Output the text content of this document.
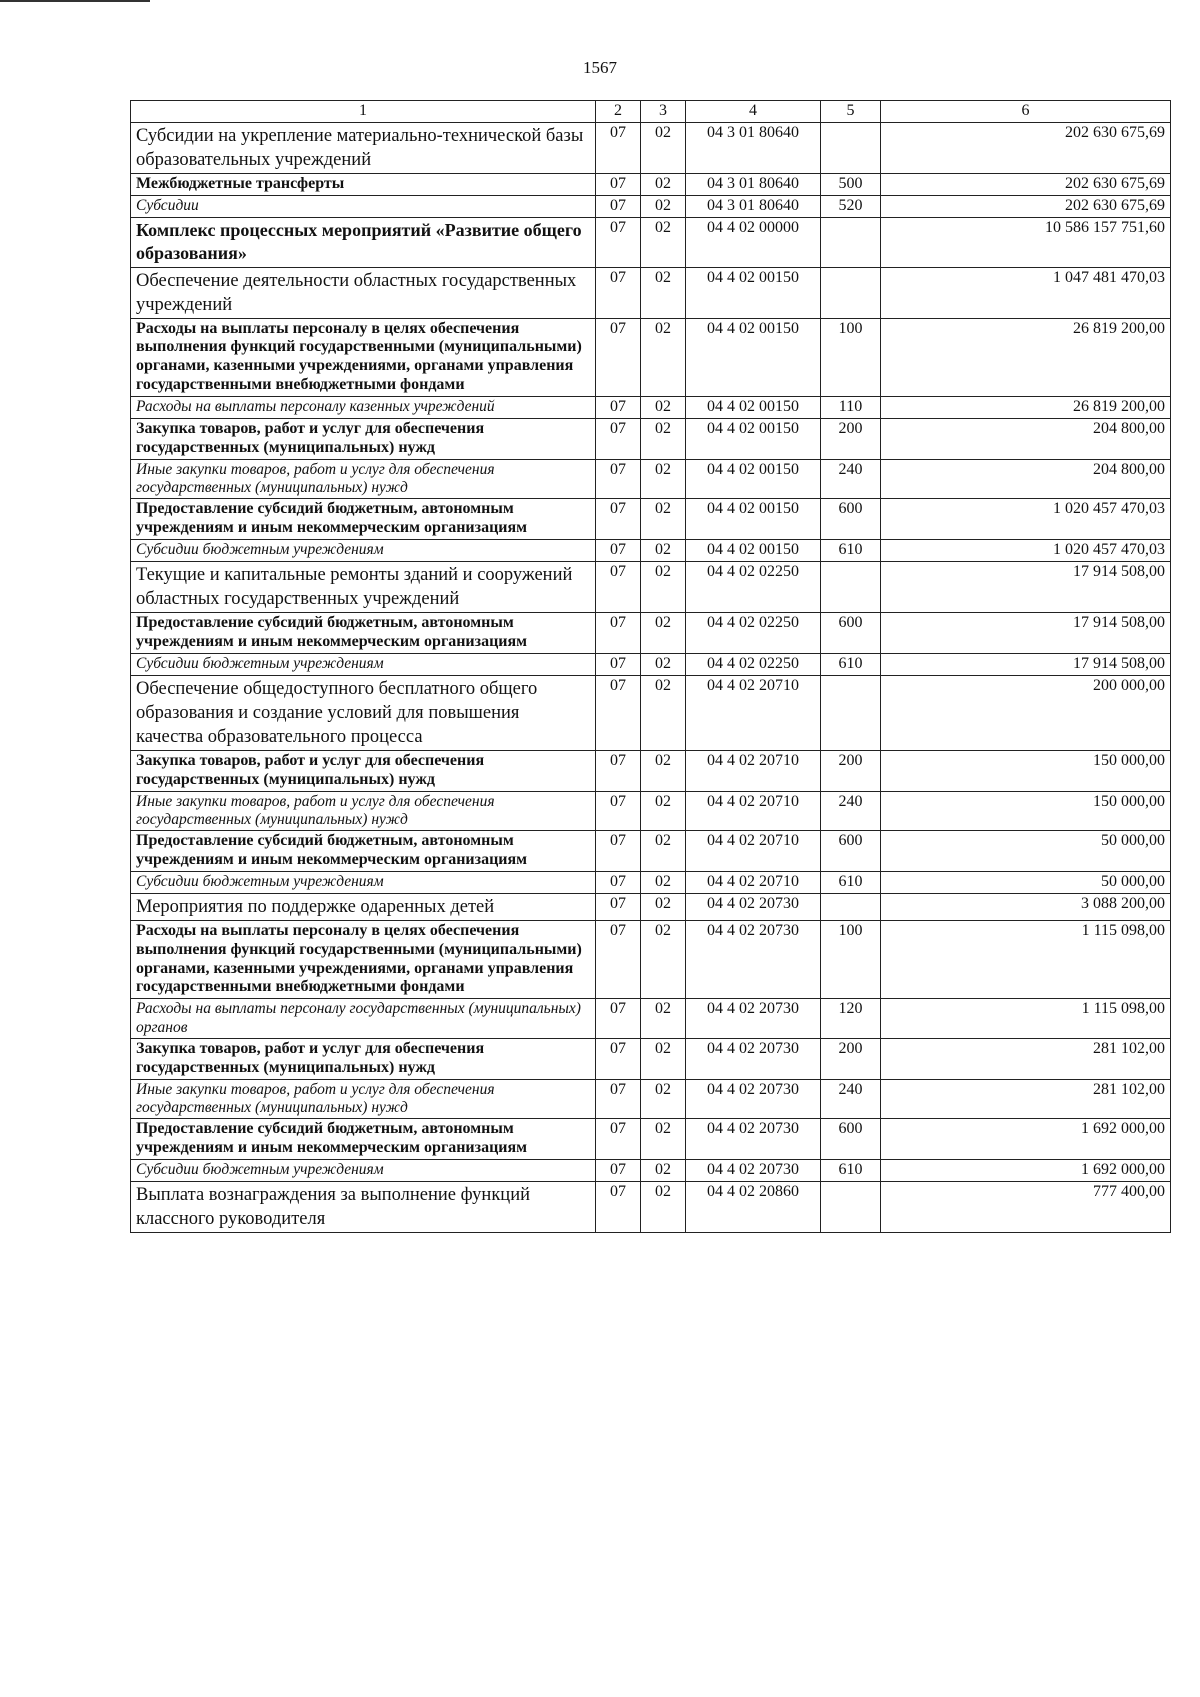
1567
1	2	3	4	5	6
Субсидии на укрепление материально-технической базы образовательных учреждений	07	02	04 3 01 80640		202 630 675,69
Межбюджетные трансферты	07	02	04 3 01 80640	500	202 630 675,69
Субсидии	07	02	04 3 01 80640	520	202 630 675,69
Комплекс процессных мероприятий «Развитие общего образования»	07	02	04 4 02 00000		10 586 157 751,60
Обеспечение деятельности областных государственных учреждений	07	02	04 4 02 00150		1 047 481 470,03
Расходы на выплаты персоналу в целях обеспечения выполнения функций государственными (муниципальными) органами, казенными учреждениями, органами управления государственными внебюджетными фондами	07	02	04 4 02 00150	100	26 819 200,00
Расходы на выплаты персоналу казенных учреждений	07	02	04 4 02 00150	110	26 819 200,00
Закупка товаров, работ и услуг для обеспечения государственных (муниципальных) нужд	07	02	04 4 02 00150	200	204 800,00
Иные закупки товаров, работ и услуг для обеспечения государственных (муниципальных) нужд	07	02	04 4 02 00150	240	204 800,00
Предоставление субсидий бюджетным, автономным учреждениям и иным некоммерческим организациям	07	02	04 4 02 00150	600	1 020 457 470,03
Субсидии бюджетным учреждениям	07	02	04 4 02 00150	610	1 020 457 470,03
Текущие и капитальные ремонты зданий и сооружений областных государственных учреждений	07	02	04 4 02 02250		17 914 508,00
Предоставление субсидий бюджетным, автономным учреждениям и иным некоммерческим организациям	07	02	04 4 02 02250	600	17 914 508,00
Субсидии бюджетным учреждениям	07	02	04 4 02 02250	610	17 914 508,00
Обеспечение общедоступного бесплатного общего образования и создание условий для повышения качества образовательного процесса	07	02	04 4 02 20710		200 000,00
Закупка товаров, работ и услуг для обеспечения государственных (муниципальных) нужд	07	02	04 4 02 20710	200	150 000,00
Иные закупки товаров, работ и услуг для обеспечения государственных (муниципальных) нужд	07	02	04 4 02 20710	240	150 000,00
Предоставление субсидий бюджетным, автономным учреждениям и иным некоммерческим организациям	07	02	04 4 02 20710	600	50 000,00
Субсидии бюджетным учреждениям	07	02	04 4 02 20710	610	50 000,00
Мероприятия по поддержке одаренных детей	07	02	04 4 02 20730		3 088 200,00
Расходы на выплаты персоналу в целях обеспечения выполнения функций государственными (муниципальными) органами, казенными учреждениями, органами управления государственными внебюджетными фондами	07	02	04 4 02 20730	100	1 115 098,00
Расходы на выплаты персоналу государственных (муниципальных) органов	07	02	04 4 02 20730	120	1 115 098,00
Закупка товаров, работ и услуг для обеспечения государственных (муниципальных) нужд	07	02	04 4 02 20730	200	281 102,00
Иные закупки товаров, работ и услуг для обеспечения государственных (муниципальных) нужд	07	02	04 4 02 20730	240	281 102,00
Предоставление субсидий бюджетным, автономным учреждениям и иным некоммерческим организациям	07	02	04 4 02 20730	600	1 692 000,00
Субсидии бюджетным учреждениям	07	02	04 4 02 20730	610	1 692 000,00
Выплата вознаграждения за выполнение функций классного руководителя	07	02	04 4 02 20860		777 400,00
